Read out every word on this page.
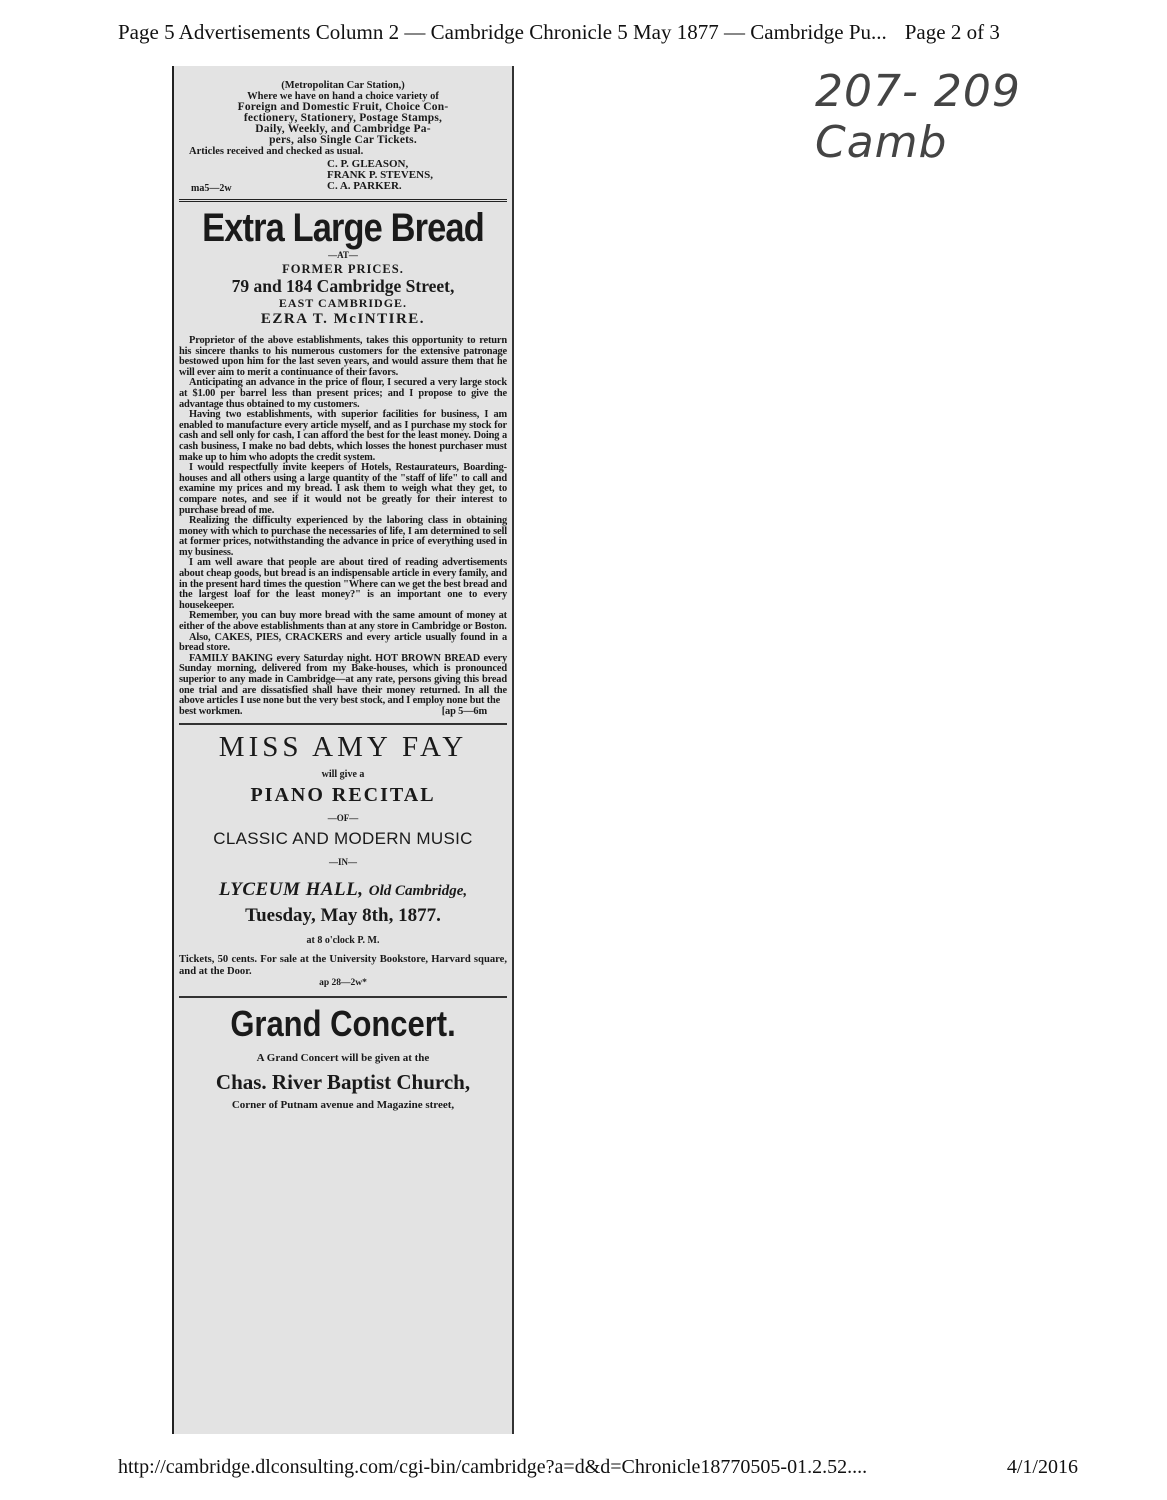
Page 5 Advertisements Column 2 — Cambridge Chronicle 5 May 1877 — Cambridge Pu... Page 2 of 3
207- 209 Camb

(Metropolitan Car Station,)

Where we have on hand a choice variety of

Foreign and Domestic Fruit, Choice Con-

fectionery, Stationery, Postage Stamps,

Daily, Weekly, and Cambridge Pa-

pers, also Single Car Tickets.

Articles received and checked as usual.

C. P. GLEASON,
FRANK P. STEVENS,
C. A. PARKER.
ma5—2w
Extra Large Bread
—AT—
FORMER PRICES.
79 and 184 Cambridge Street,
EAST CAMBRIDGE.
EZRA T. McINTIRE.

Proprietor of the above establishments, takes this opportunity to return his sincere thanks to his numerous customers for the extensive patronage bestowed upon him for the last seven years, and would assure them that he will ever aim to merit a continuance of their favors.

Anticipating an advance in the price of flour, I secured a very large stock at $1.00 per barrel less than present prices; and I propose to give the advantage thus obtained to my customers.

Having two establishments, with superior facilities for business, I am enabled to manufacture every article myself, and as I purchase my stock for cash and sell only for cash, I can afford the best for the least money. Doing a cash business, I make no bad debts, which losses the honest purchaser must make up to him who adopts the credit system.

I would respectfully invite keepers of Hotels, Restaurateurs, Boarding-houses and all others using a large quantity of the "staff of life" to call and examine my prices and my bread. I ask them to weigh what they get, to compare notes, and see if it would not be greatly for their interest to purchase bread of me.

Realizing the difficulty experienced by the laboring class in obtaining money with which to purchase the necessaries of life, I am determined to sell at former prices, notwithstanding the advance in price of everything used in my business.

I am well aware that people are about tired of reading advertisements about cheap goods, but bread is an indispensable article in every family, and in the present hard times the question "Where can we get the best bread and the largest loaf for the least money?" is an important one to every housekeeper.

Remember, you can buy more bread with the same amount of money at either of the above establishments than at any store in Cambridge or Boston.

Also, CAKES, PIES, CRACKERS and every article usually found in a bread store.

FAMILY BAKING every Saturday night. HOT BROWN BREAD every Sunday morning, delivered from my Bake-houses, which is pronounced superior to any made in Cambridge—at any rate, persons giving this bread one trial and are dissatisfied shall have their money returned. In all the above articles I use none but the very best stock, and I employ none but the

best workmen.	[ap 5—6m
MISS AMY FAY
will give a
PIANO RECITAL
—OF—
CLASSIC AND MODERN MUSIC
—IN—
LYCEUM HALL, Old Cambridge,
Tuesday, May 8th, 1877.
at 8 o'clock P. M.
Tickets, 50 cents. For sale at the University Bookstore, Harvard square, and at the Door.
ap 28—2w*
Grand Concert.
A Grand Concert will be given at the
Chas. River Baptist Church,
Corner of Putnam avenue and Magazine street,
http://cambridge.dlconsulting.com/cgi-bin/cambridge?a=d&d=Chronicle18770505-01.2.52....	4/1/2016
